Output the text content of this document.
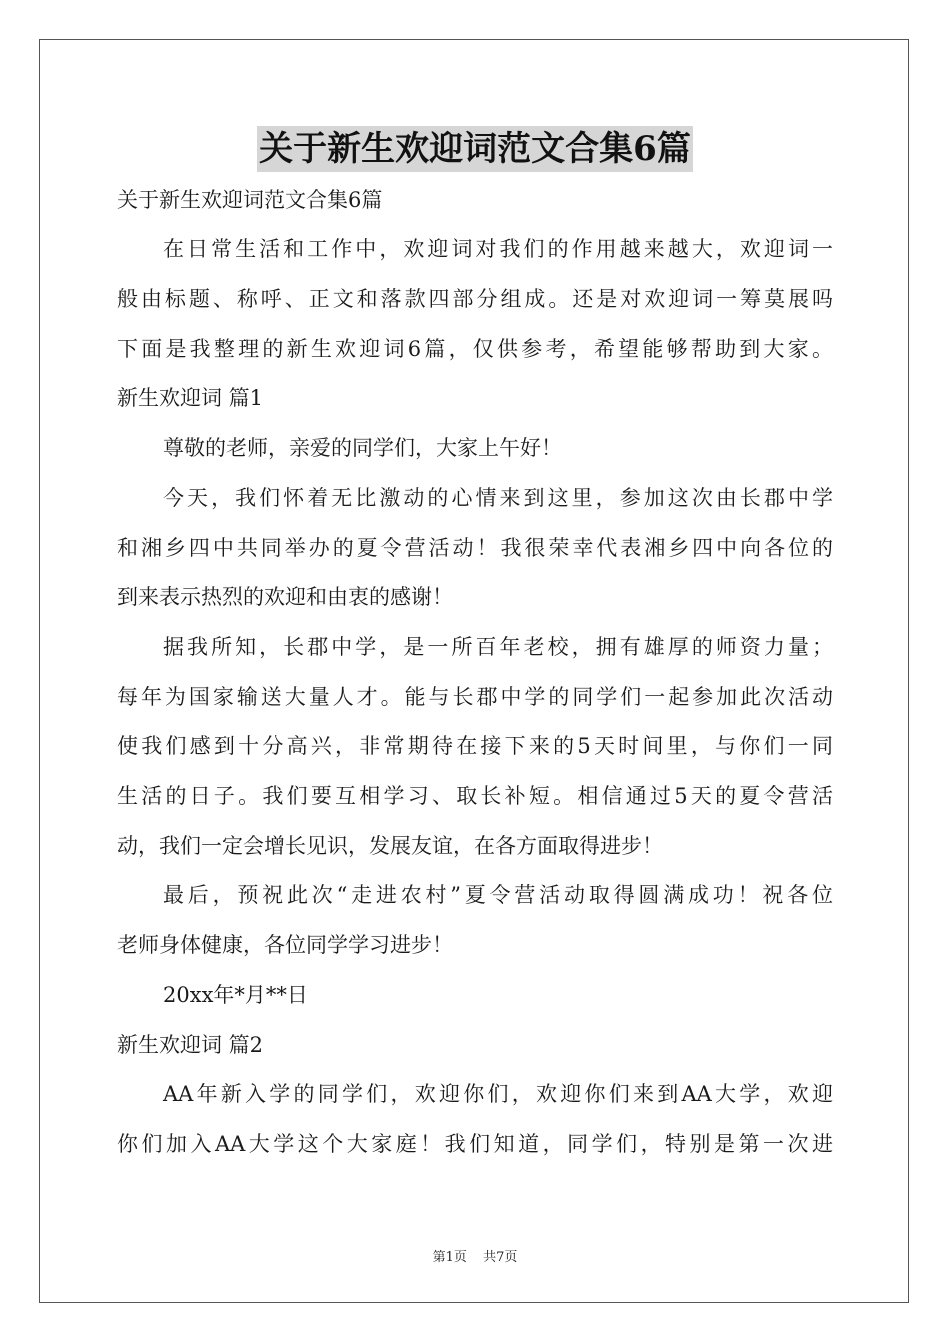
关于新生欢迎词范文合集6篇
关于新生欢迎词范文合集6篇
在日常生活和工作中，欢迎词对我们的作用越来越大，欢迎词一
般由标题、称呼、正文和落款四部分组成。还是对欢迎词一筹莫展吗
下面是我整理的新生欢迎词6篇，仅供参考，希望能够帮助到大家。
新生欢迎词 篇1
尊敬的老师，亲爱的同学们，大家上午好！
今天，我们怀着无比激动的心情来到这里，参加这次由长郡中学
和湘乡四中共同举办的夏令营活动！我很荣幸代表湘乡四中向各位的
到来表示热烈的欢迎和由衷的感谢！
据我所知，长郡中学，是一所百年老校，拥有雄厚的师资力量；
每年为国家输送大量人才。能与长郡中学的同学们一起参加此次活动
使我们感到十分高兴，非常期待在接下来的5天时间里，与你们一同
生活的日子。我们要互相学习、取长补短。相信通过5天的夏令营活
动，我们一定会增长见识，发展友谊，在各方面取得进步！
最后，预祝此次“走进农村”夏令营活动取得圆满成功！祝各位
老师身体健康，各位同学学习进步！
20xx年*月**日
新生欢迎词 篇2
AA年新入学的同学们，欢迎你们，欢迎你们来到AA大学，欢迎
你们加入AA大学这个大家庭！我们知道，同学们，特别是第一次进
第1页 共7页
